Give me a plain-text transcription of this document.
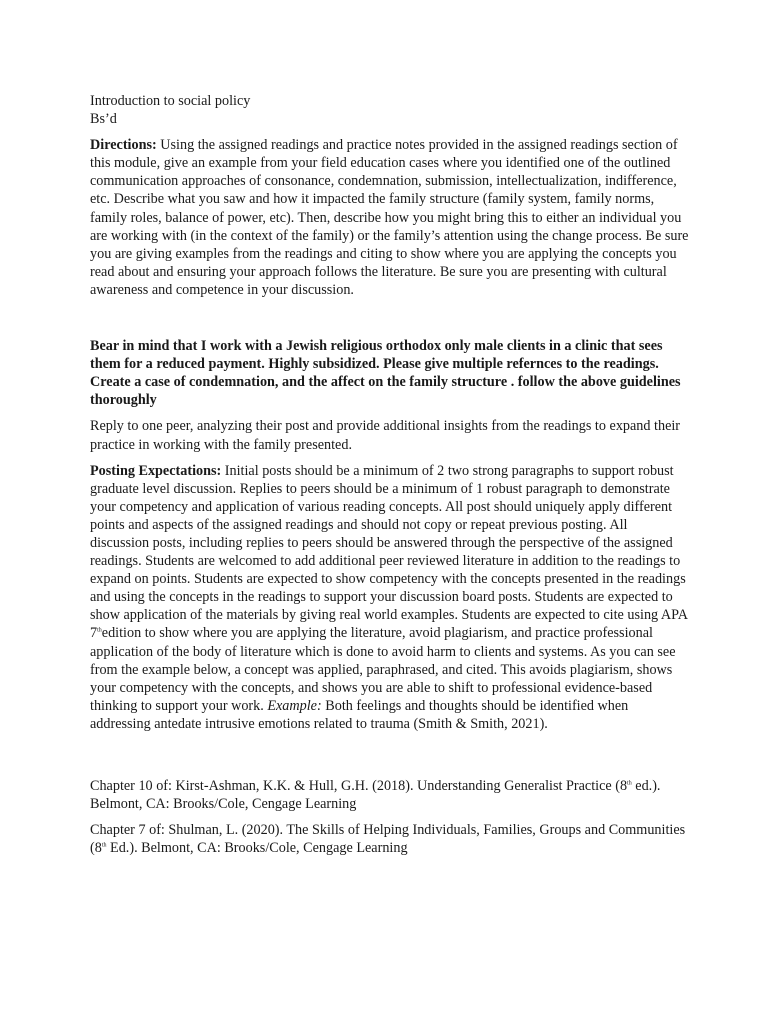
Introduction to social policy

Bs’d

Directions: Using the assigned readings and practice notes provided in the assigned readings section of this module, give an example from your field education cases where you identified one of the outlined communication approaches of consonance, condemnation, submission, intellectualization, indifference, etc. Describe what you saw and how it impacted the family structure (family system, family norms, family roles, balance of power, etc). Then, describe how you might bring this to either an individual you are working with (in the context of the family) or the family’s attention using the change process. Be sure you are giving examples from the readings and citing to show where you are applying the concepts you read about and ensuring your approach follows the literature. Be sure you are presenting with cultural awareness and competence in your discussion.

Bear in mind that I work with a Jewish religious orthodox only male clients in a clinic that sees them for a reduced payment. Highly subsidized. Please give multiple refernces to the readings. Create a case of condemnation, and the affect on the family structure . follow the above guidelines thoroughly

Reply to one peer, analyzing their post and provide additional insights from the readings to expand their practice in working with the family presented.

Posting Expectations: Initial posts should be a minimum of 2 two strong paragraphs to support robust graduate level discussion. Replies to peers should be a minimum of 1 robust paragraph to demonstrate your competency and application of various reading concepts. All post should uniquely apply different points and aspects of the assigned readings and should not copy or repeat previous posting. All discussion posts, including replies to peers should be answered through the perspective of the assigned readings. Students are welcomed to add additional peer reviewed literature in addition to the readings to expand on points. Students are expected to show competency with the concepts presented in the readings and using the concepts in the readings to support your discussion board posts. Students are expected to show application of the materials by giving real world examples. Students are expected to cite using APA 7thedition to show where you are applying the literature, avoid plagiarism, and practice professional application of the body of literature which is done to avoid harm to clients and systems. As you can see from the example below, a concept was applied, paraphrased, and cited. This avoids plagiarism, shows your competency with the concepts, and shows you are able to shift to professional evidence-based thinking to support your work. Example: Both feelings and thoughts should be identified when addressing antedate intrusive emotions related to trauma (Smith & Smith, 2021).

Chapter 10 of: Kirst-Ashman, K.K. & Hull, G.H. (2018). Understanding Generalist Practice (8th ed.). Belmont, CA: Brooks/Cole, Cengage Learning

Chapter 7 of: Shulman, L. (2020). The Skills of Helping Individuals, Families, Groups and Communities (8th Ed.). Belmont, CA: Brooks/Cole, Cengage Learning
